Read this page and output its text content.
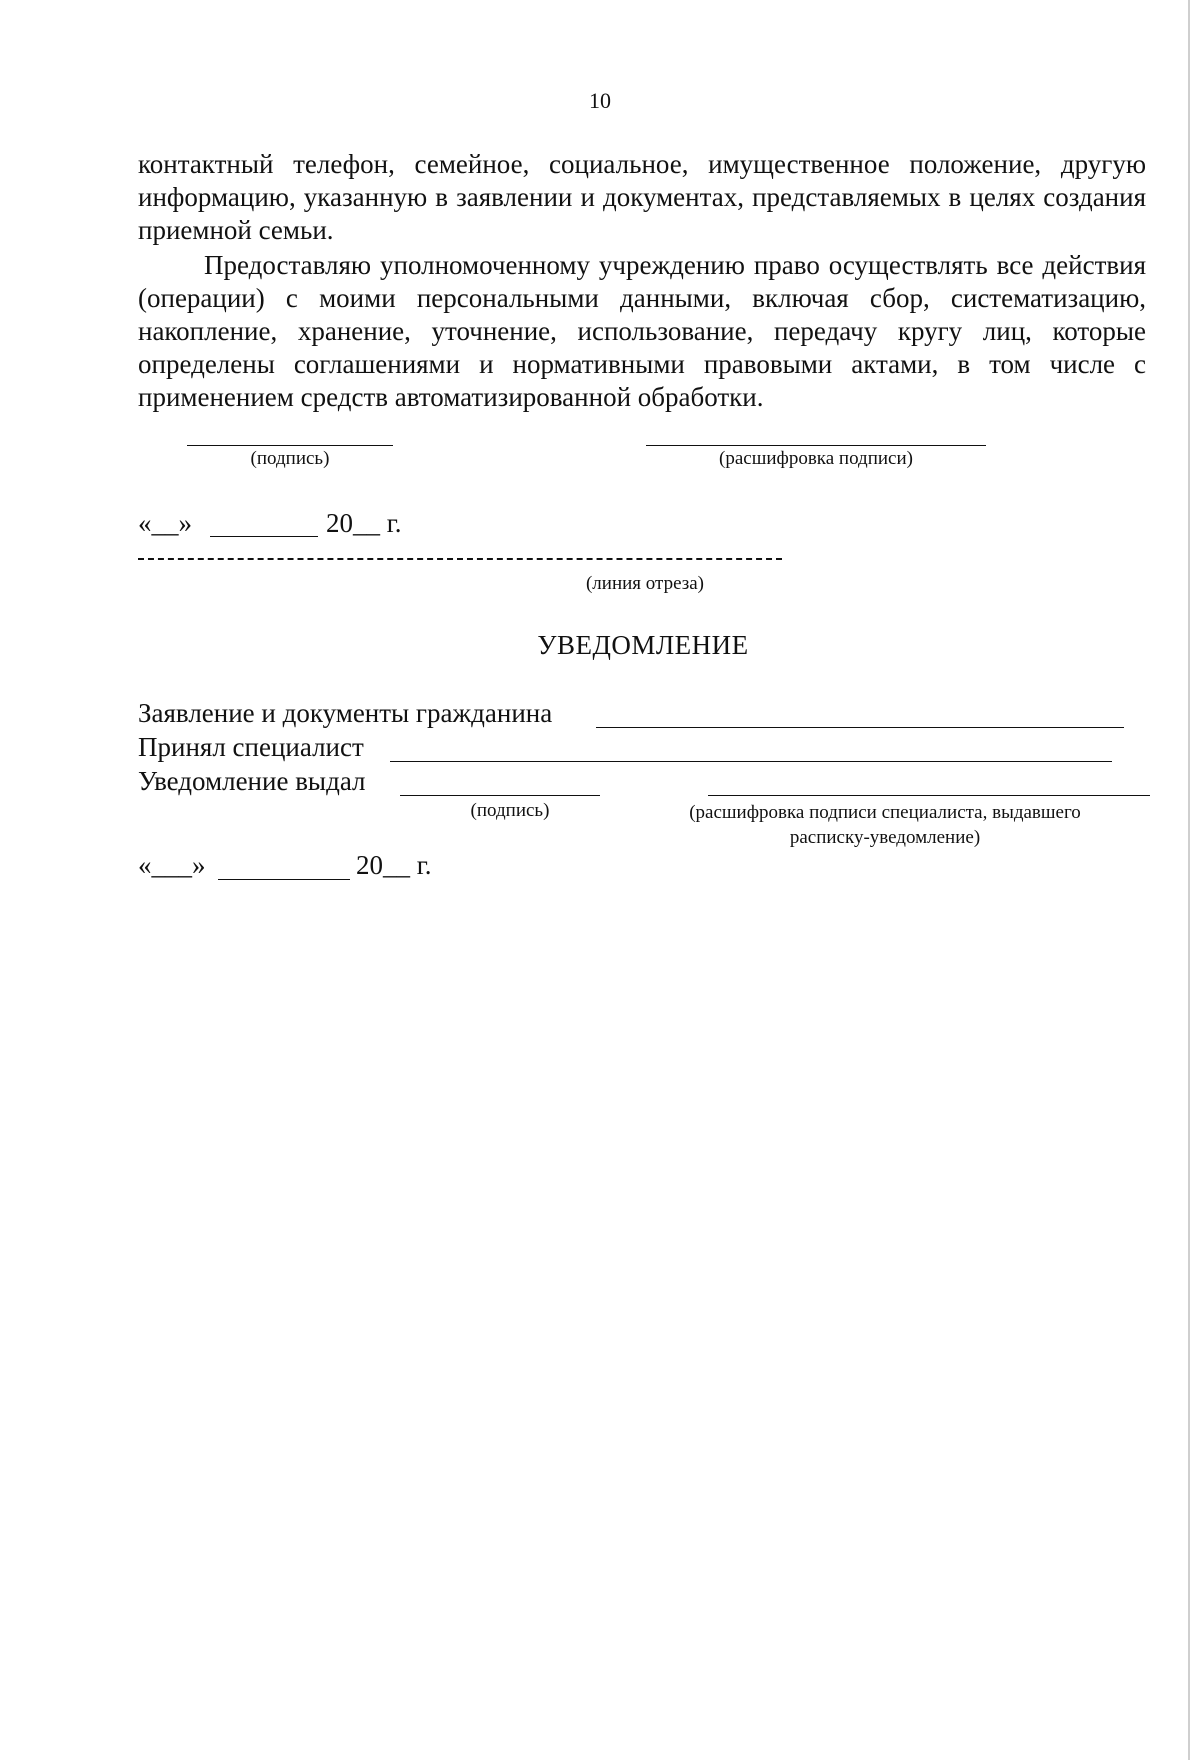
10

контактный телефон, семейное, социальное, имущественное положение, другую информацию, указанную в заявлении и документах, представляемых в целях создания приемной семьи.

Предоставляю уполномоченному учреждению право осуществлять все действия (операции) с моими персональными данными, включая сбор, систематизацию, накопление, хранение, уточнение, использование, передачу кругу лиц, которые определены соглашениями и нормативными правовыми актами, в том числе с применением средств автоматизированной обработки.

(подпись)	(расшифровка подписи)
«__»	20__ г.
(линия отреза)
УВЕДОМЛЕНИЕ
Заявление и документы гражданина
Принял специалист
Уведомление выдал
(подпись)	(расшифровка подписи специалиста, выдавшего расписку-уведомление)
«___»	20__ г.
